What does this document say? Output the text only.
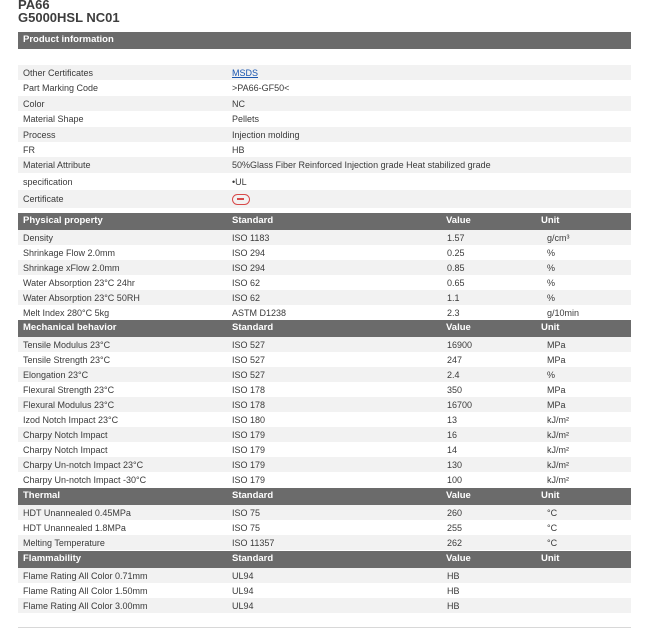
PA66
G5000HSL NC01
Product information
Other Certificates	MSDS
Part Marking Code	>PA66-GF50<
Color	NC
Material Shape	Pellets
Process	Injection molding
FR	HB
Material Attribute	50%Glass Fiber Reinforced Injection grade Heat stabilized grade
specification	•UL
Certificate	
Physical property	Standard	Value	Unit
Density	ISO 1183	1.57	g/cm³
Shrinkage Flow 2.0mm	ISO 294	0.25	%
Shrinkage xFlow 2.0mm	ISO 294	0.85	%
Water Absorption 23°C 24hr	ISO 62	0.65	%
Water Absorption 23°C 50RH	ISO 62	1.1	%
Melt Index 280°C 5kg	ASTM D1238	2.3	g/10min
Mechanical behavior	Standard	Value	Unit
Tensile Modulus 23°C	ISO 527	16900	MPa
Tensile Strength 23°C	ISO 527	247	MPa
Elongation 23°C	ISO 527	2.4	%
Flexural Strength 23°C	ISO 178	350	MPa
Flexural Modulus 23°C	ISO 178	16700	MPa
Izod Notch Impact 23°C	ISO 180	13	kJ/m²
Charpy Notch Impact	ISO 179	16	kJ/m²
Charpy Notch Impact	ISO 179	14	kJ/m²
Charpy Un-notch Impact 23°C	ISO 179	130	kJ/m²
Charpy Un-notch Impact -30°C	ISO 179	100	kJ/m²
Thermal	Standard	Value	Unit
HDT Unannealed 0.45MPa	ISO 75	260	°C
HDT Unannealed 1.8MPa	ISO 75	255	°C
Melting Temperature	ISO 11357	262	°C
Flammability	Standard	Value	Unit
Flame Rating All Color 0.71mm	UL94	HB	
Flame Rating All Color 1.50mm	UL94	HB	
Flame Rating All Color 3.00mm	UL94	HB	
